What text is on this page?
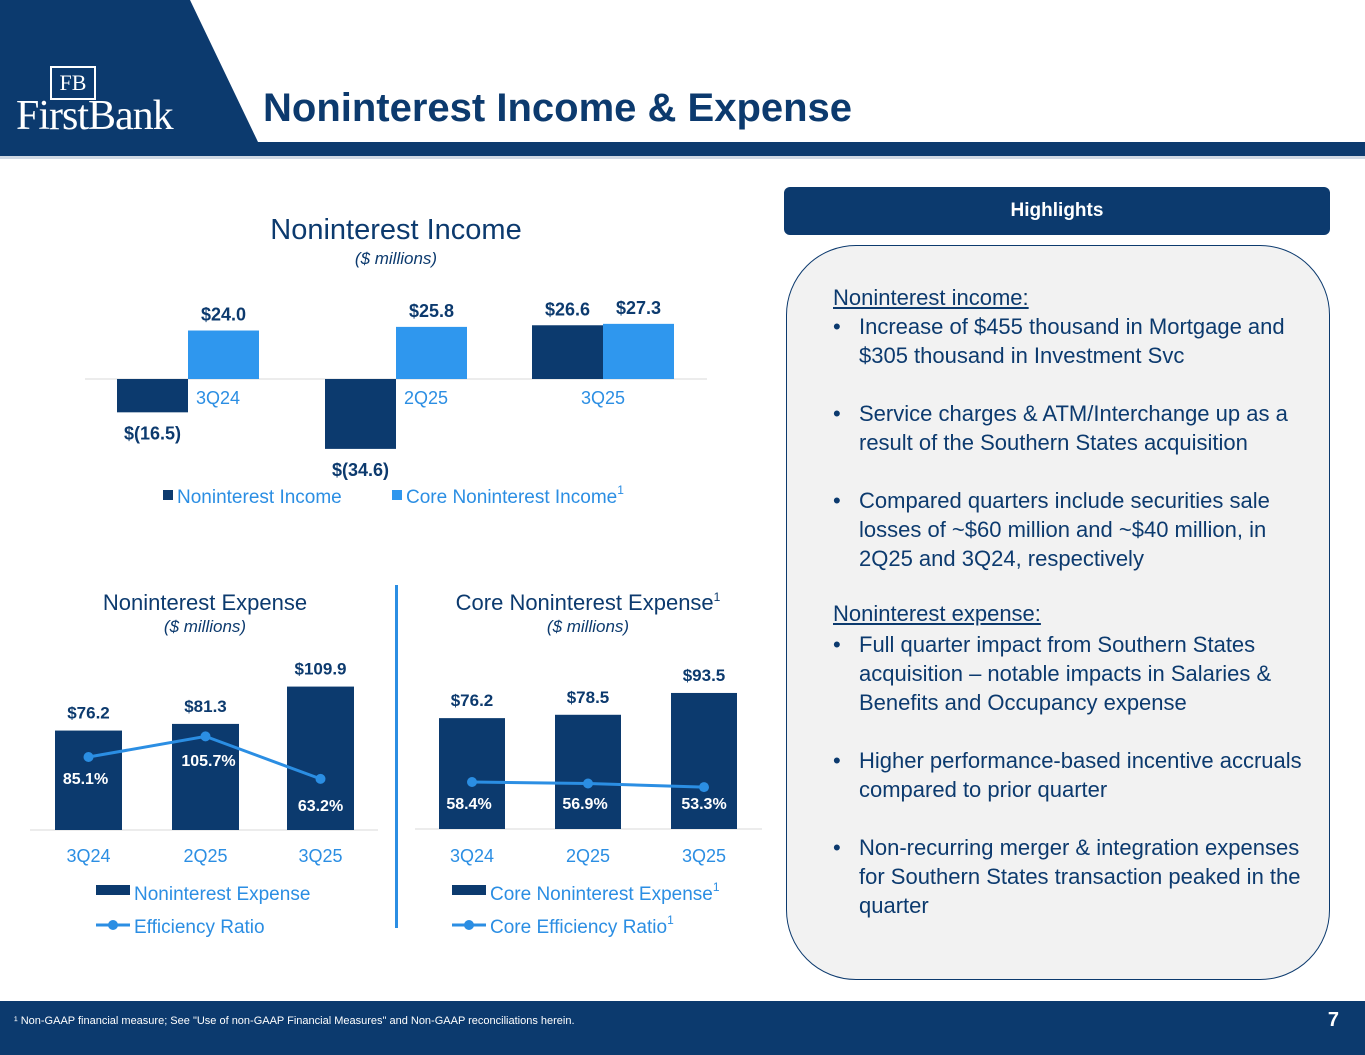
FB
FirstBank Noninterest Income & Expense
Noninterest Income
($ millions)
$(16.5)
$24.0
3Q24
$(34.6)
$25.8
2Q25
$26.6 $27.3
3Q25
Noninterest Income	Core Noninterest Income$^1$
Noninterest Expense
($ millions)
$76.2
3Q24
$81.3
2Q25
$109.9
3Q25
85.1%
105.7%
63.2%
Noninterest Expense
Efficiency Ratio
Core Noninterest Expense$^1$
($ millions)
$76.2
3Q24
$78.5
2Q25
$93.5
3Q25
58.4%	56.9%	53.3%
Core Noninterest Expense$^1$
Core Efficiency Ratio$^1$
Highlights
Noninterest income:
• Increase of $455 thousand in Mortgage and $305 thousand in Investment Svc
• Service charges & ATM/Interchange up as a result of the Southern States acquisition
• Compared quarters include securities sale losses of ~$60 million and ~$40 million, in 2Q25 and 3Q24, respectively
Noninterest expense:
• Full quarter impact from Southern States acquisition – notable impacts in Salaries & Benefits and Occupancy expense
• Higher performance-based incentive accruals compared to prior quarter
• Non-recurring merger & integration expenses for Southern States transaction peaked in the quarter
¹ Non-GAAP financial measure; See "Use of non-GAAP Financial Measures" and Non-GAAP reconciliations herein.	7
